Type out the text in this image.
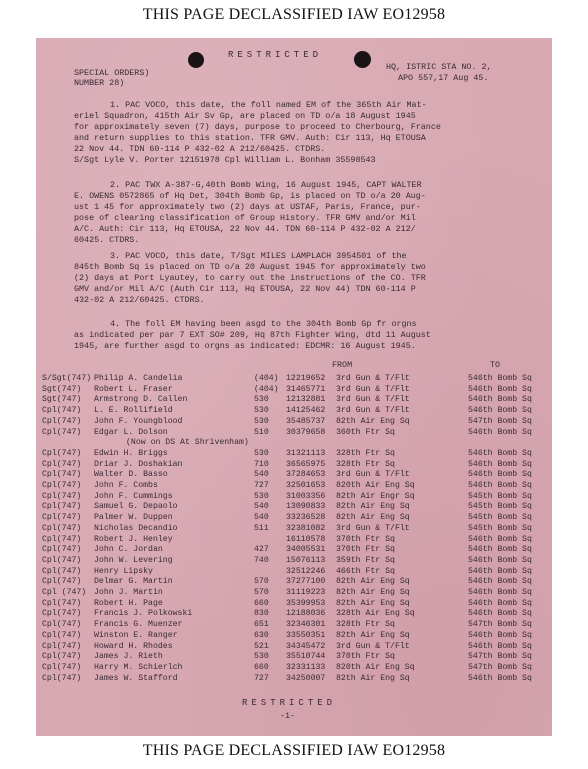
THIS PAGE DECLASSIFIED IAW EO12958
RESTRICTED
SPECIAL ORDERS)
NUMBER 28)
HQ, ISTRIC STA NO. 2,
APO 557,17 Aug 45.
1. PAC VOCO, this date, the foll named EM of the 365th Air Mat-
eriel Squadron, 415th Air Sv Gp, are placed on TD o/a 18 August 1945
for approximately seven (7) days, purpose to proceed to Cherbourg, France
and return supplies to this station. TFR GMV. Auth: Cir 113, Hq ETOUSA
22 Nov 44. TDN 60-114 P 432-02 A 212/60425. CTDRS.
S/Sgt Lyle V. Porter 12151978 Cpl William L. Bonham 35598543
2. PAC TWX A-387-G,40th Bomb Wing, 16 August 1945, CAPT WALTER
E. OWENS 0572865 of Hq Det, 304th Bomb Gp, is placed on TD o/a 20 Aug-
ust 1 45 for approximately two (2) days at USTAF, Paris, France, pur-
pose of clearing classification of Group History. TFR GMV and/or Mil
A/C. Auth: Cir 113, Hq ETOUSA, 22 Nov 44. TDN 60-114 P 432-02 A 212/
60425. CTDRS.
3. PAC VOCO, this date, T/Sgt MILES LAMPLACH 3954501 of the
845th Bomb Sq is placed on TD o/a 20 August 1945 for approximately two
(2) days at Port Lyautey, to carry out the instructions of the CO. TFR
GMV and/or Mil A/C (Auth Cir 113, Hq ETOUSA, 22 Nov 44) TDN 60-114 P
432-02 A 212/60425. CTDRS.
4. The foll EM having been asgd to the 304th Bomb Gp fr orgns
as indicated per par 7 EXT SO# 209, Hq 87th Fighter Wing, dtd 11 August
1945, are further asgd to orgns as indicated: EDCMR: 16 August 1945.
FROM	TO
S/Sgt(747) Philip A. Candelia	(404) 12219652 3rd Gun & T/Flt	546th Bomb Sq
Sgt(747) Robert L. Fraser	(404) 31465771 3rd Gun & T/Flt	546th Bomb Sq
Sgt(747) Armstrong D. Callen	530 12132881 3rd Gun & T/Flt	546th Bomb Sq
Cpl(747) L. E. Rollifield	530 14125462 3rd Gun & T/Flt	546th Bomb Sq
Cpl(747) John F. Youngblood	530 35485737 82th Air Eng Sq	547th Bomb Sq
Cpl(747) Edgar L. Dolson	510 30379658 360th Ftr Sq	546th Bomb Sq
(Now on DS At Shrivenham)
Cpl(747) Edwin H. Briggs	530 31321113 328th Ftr Sq	546th Bomb Sq
Cpl(747) Driar J. Doshakian	710 36565975 328th Ftr Sq	546th Bomb Sq
Cpl(747) Walter D. Basso	540 37284653 3rd Gun & T/Flt	546th Bomb Sq
Cpl(747) John F. Combs	727 32501653 820th Air Eng Sq	546th Bomb Sq
Cpl(747) John F. Cummings	530 31003356 82th Air Engr Sq	545th Bomb Sq
Cpl(747) Samuel G. Depaolo	540 13090833 82th Air Eng Sq	545th Bomb Sq
Cpl(747) Palmer W. Duppen	540 33236528 82th Air Eng Sq	545th Bomb Sq
Cpl(747) Nicholas Decandio	511 32381082 3rd Gun & T/Flt	545th Bomb Sq
Cpl(747) Robert J. Henley	16110578 370th Ftr Sq	546th Bomb Sq
Cpl(747) John C. Jordan	427 34005531 370th Ftr Sq	546th Bomb Sq
Cpl(747) John W. Levering	740 15076113 359th Ftr Sq	546th Bomb Sq
Cpl(747) Henry Lipsky	32512246 466th Ftr Sq	546th Bomb Sq
Cpl(747) Delmar G. Martin	570 37277100 82th Air Eng Sq	546th Bomb Sq
Cpl (747) John J. Martin	570 31119223 82th Air Eng Sq	546th Bomb Sq
Cpl(747) Robert H. Page	660 35399953 82th Air Eng Sq	546th Bomb Sq
Cpl(747) Francis J. Polkowski	830 12188036 328th Air Eng Sq	546th Bomb Sq
Cpl(747) Francis G. Muenzer	651 32346301 328th Ftr Sq	547th Bomb Sq
Cpl(747) Winston E. Ranger	630 33550351 82th Air Eng Sq	546th Bomb Sq
Cpl(747) Howard H. Rhodes	521 34345472 3rd Gun & T/Flt	546th Bomb Sq
Cpl(747) James J. Rieth	530 35510744 370th Ftr Sq	547th Bomb Sq
Cpl(747) Harry M. Schierlch	660 32331133 820th Air Eng Sq	547th Bomb Sq
Cpl(747) James W. Stafford	727 34250007 82th Air Eng Sq	546th Bomb Sq
RESTRICTED
-1-
THIS PAGE DECLASSIFIED IAW EO12958
